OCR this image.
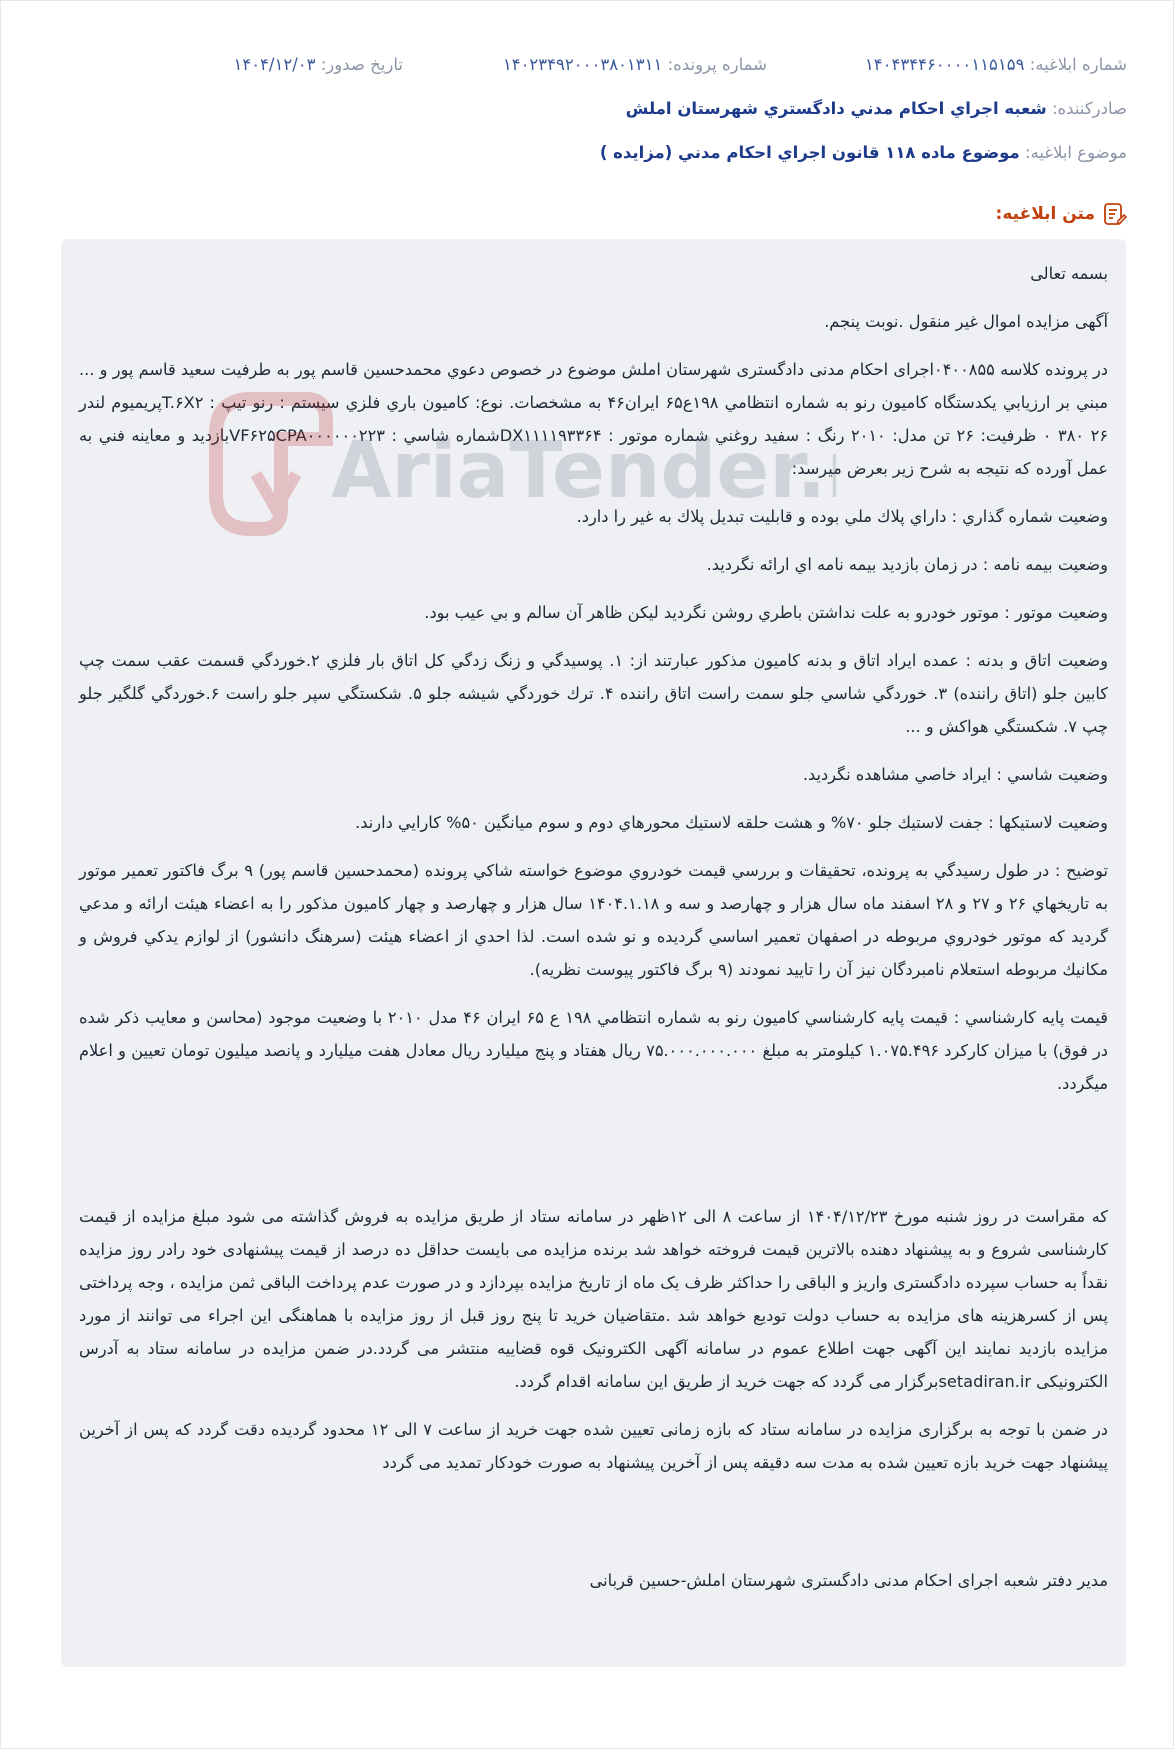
شماره ابلاغيه: ۱۴۰۴۳۴۴۶۰۰۰۰۱۱۵۱۵۹
شماره پرونده: ۱۴۰۲۳۴۹۲۰۰۰۳۸۰۱۳۱۱
تاریخ صدور: ۱۴۰۴/۱۲/۰۳
صادرکننده: شعبه اجراي احكام مدني دادگستري شهرستان املش
موضوع ابلاغيه: موضوع ماده ۱۱۸ قانون اجراي احكام مدني (مزايده )
متن ابلاغيه:

بسمه تعالی

آگهی مزایده اموال غیر منقول .نوبت پنجم.

در پرونده کلاسه ۰۴۰۰۸۵۵اجرای احکام مدنی دادگستری شهرستان املش موضوع در خصوص دعوي محمدحسين قاسم پور به طرفيت سعيد قاسم پور و ... مبني بر ارزيابي يكدستگاه كاميون رنو به شماره انتظامي ۱۹۸ع۶۵ ايران۴۶ به مشخصات. نوع: كاميون باري فلزي سيستم : رنو تيپ : T.۶X۲پريميوم لندر ۲۶ ۳۸۰ ۰ ظرفيت: ۲۶ تن مدل: ۲۰۱۰ رنگ : سفيد روغني شماره موتور : DX۱۱۱۱۹۳۳۶۴شماره شاسي : VF۶۲۵CPA۰۰۰۰۰۰۲۲۳بازديد و معاينه فني به عمل آورده كه نتيجه به شرح زير بعرض ميرسد:

وضعيت شماره گذاري : داراي پلاك ملي بوده و قابليت تبديل پلاك به غير را دارد.

وضعيت بيمه نامه : در زمان بازديد بيمه نامه اي ارائه نگرديد.

وضعيت موتور : موتور خودرو به علت نداشتن باطري روشن نگرديد ليكن ظاهر آن سالم و بي عيب بود.

وضعيت اتاق و بدنه : عمده ايراد اتاق و بدنه كاميون مذكور عبارتند از: ۱. پوسيدگي و زنگ زدگي كل اتاق بار فلزي ۲.خوردگي قسمت عقب سمت چپ كابين جلو (اتاق راننده) ۳. خوردگي شاسي جلو سمت راست اتاق راننده ۴. ترك خوردگي شيشه جلو ۵. شكستگي سپر جلو راست ۶.خوردگي گلگير جلو چپ ۷. شكستگي هواكش و ...

وضعيت شاسي : ايراد خاصي مشاهده نگرديد.

وضعيت لاستيكها : جفت لاستيك جلو ۷۰% و هشت حلقه لاستيك محورهاي دوم و سوم ميانگين ۵۰% كارايي دارند.

توضيح : در طول رسيدگي به پرونده، تحقيقات و بررسي قيمت خودروي موضوع خواسته شاكي پرونده (محمدحسين قاسم پور) ۹ برگ فاكتور تعمير موتور به تاريخهاي ۲۶ و ۲۷ و ۲۸ اسفند ماه سال هزار و چهارصد و سه و ۱۴۰۴.۱.۱۸ سال هزار و چهارصد و چهار كاميون مذكور را به اعضاء هيئت ارائه و مدعي گرديد كه موتور خودروي مربوطه در اصفهان تعمير اساسي گرديده و نو شده است. لذا احدي از اعضاء هيئت (سرهنگ دانشور) از لوازم يدكي فروش و مكانيك مربوطه استعلام نامبردگان نيز آن را تاييد نمودند (۹ برگ فاكتور پيوست نظريه).

قيمت پايه كارشناسي : قيمت پايه كارشناسي كاميون رنو به شماره انتظامي ۱۹۸ ع ۶۵ ايران ۴۶ مدل ۲۰۱۰ با وضعيت موجود (محاسن و معايب ذكر شده در فوق) با ميزان كاركرد ۱.۰۷۵.۴۹۶ كيلومتر به مبلغ ۷۵.۰۰۰.۰۰۰.۰۰۰ ريال هفتاد و پنج ميليارد ريال معادل هفت ميليارد و پانصد ميليون تومان تعيين و اعلام ميگردد.

که مقراست در روز شنبه مورخ ۱۴۰۴/۱۲/۲۳ از ساعت ۸ الی ۱۲ظهر در سامانه ستاد از طریق مزایده به فروش گذاشته می شود مبلغ مزایده از قیمت کارشناسی شروع و به پیشنهاد دهنده بالاترین قیمت فروخته خواهد شد برنده مزایده می بایست حداقل ده درصد از قیمت پیشنهادی خود رادر روز مزایده نقداً به حساب سپرده دادگستری واریز و الباقی را حداکثر ظرف یک ماه از تاریخ مزایده بپردازد و در صورت عدم پرداخت الباقی ثمن مزایده ، وجه پرداختی پس از کسرهزینه های مزایده به حساب دولت تودیع خواهد شد .متقاضیان خرید تا پنج روز قبل از روز مزایده با هماهنگی این اجراء می توانند از مورد مزایده بازدید نمایند این آگهی جهت اطلاع عموم در سامانه آگهی الکترونیک قوه قضاییه منتشر می گردد.در ضمن مزایده در سامانه ستاد به آدرس الکترونیکی setadiran.irبرگزار می گردد که جهت خرید از طریق این سامانه اقدام گردد.

در ضمن با توجه به برگزاری مزایده در سامانه ستاد که بازه زمانی تعیین شده جهت خرید از ساعت ۷ الی ۱۲ محدود گردیده دقت گردد که پس از آخرین پیشنهاد جهت خرید بازه تعیین شده به مدت سه دقیقه پس از آخرین پیشنهاد به صورت خودکار تمدید می گردد

مدیر دفتر شعبه اجرای احکام مدنی دادگستری شهرستان املش-حسین قربانی

AriaTender.
